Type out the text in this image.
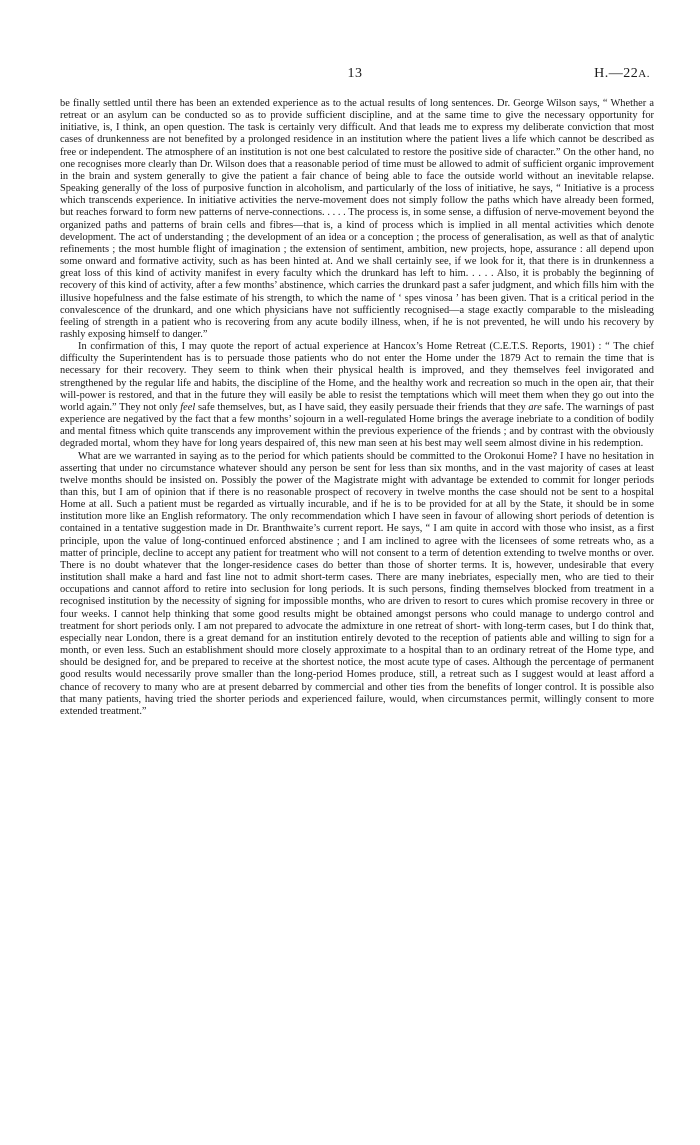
13	H.—22A.

be finally settled until there has been an extended experience as to the actual results of long sentences. Dr. George Wilson says, “ Whether a retreat or an asylum can be conducted so as to provide sufficient discipline, and at the same time to give the necessary opportunity for initiative, is, I think, an open question. The task is certainly very difficult. And that leads me to express my deliberate conviction that most cases of drunkenness are not benefited by a prolonged residence in an institution where the patient lives a life which cannot be described as free or independent. The atmosphere of an institution is not one best calculated to restore the positive side of character.” On the other hand, no one recognises more clearly than Dr. Wilson does that a reasonable period of time must be allowed to admit of sufficient organic improvement in the brain and system generally to give the patient a fair chance of being able to face the outside world without an inevitable relapse. Speaking generally of the loss of purposive function in alcoholism, and particularly of the loss of initiative, he says, “ Initiative is a process which transcends experience. In initiative activities the nerve-movement does not simply follow the paths which have already been formed, but reaches forward to form new patterns of nerve-connections. . . . . The process is, in some sense, a diffusion of nerve-movement beyond the organized paths and patterns of brain cells and fibres—that is, a kind of process which is implied in all mental activities which denote development. The act of understanding ; the development of an idea or a conception ; the process of generalisation, as well as that of analytic refinements ; the most humble flight of imagination ; the extension of sentiment, ambition, new projects, hope, assurance : all depend upon some onward and formative activity, such as has been hinted at. And we shall certainly see, if we look for it, that there is in drunkenness a great loss of this kind of activity manifest in every faculty which the drunkard has left to him. . . . . Also, it is probably the beginning of recovery of this kind of activity, after a few months’ abstinence, which carries the drunkard past a safer judgment, and which fills him with the illusive hopefulness and the false estimate of his strength, to which the name of ‘ spes vinosa ’ has been given. That is a critical period in the convalescence of the drunkard, and one which physicians have not sufficiently recognised—a stage exactly comparable to the misleading feeling of strength in a patient who is recovering from any acute bodily illness, when, if he is not prevented, he will undo his recovery by rashly exposing himself to danger.”

In confirmation of this, I may quote the report of actual experience at Hancox’s Home Retreat (C.E.T.S. Reports, 1901) : “ The chief difficulty the Superintendent has is to persuade those patients who do not enter the Home under the 1879 Act to remain the time that is necessary for their recovery. They seem to think when their physical health is improved, and they themselves feel invigorated and strengthened by the regular life and habits, the discipline of the Home, and the healthy work and recreation so much in the open air, that their will-power is restored, and that in the future they will easily be able to resist the temptations which will meet them when they go out into the world again.” They not only feel safe themselves, but, as I have said, they easily persuade their friends that they are safe. The warnings of past experience are negatived by the fact that a few months’ sojourn in a well-regulated Home brings the average inebriate to a condition of bodily and mental fitness which quite transcends any improvement within the previous experience of the friends ; and by contrast with the obviously degraded mortal, whom they have for long years despaired of, this new man seen at his best may well seem almost divine in his redemption.

What are we warranted in saying as to the period for which patients should be committed to the Orokonui Home? I have no hesitation in asserting that under no circumstance whatever should any person be sent for less than six months, and in the vast majority of cases at least twelve months should be insisted on. Possibly the power of the Magistrate might with advantage be extended to commit for longer periods than this, but I am of opinion that if there is no reasonable prospect of recovery in twelve months the case should not be sent to a hospital Home at all. Such a patient must be regarded as virtually incurable, and if he is to be provided for at all by the State, it should be in some institution more like an English reformatory. The only recommendation which I have seen in favour of allowing short periods of detention is contained in a tentative suggestion made in Dr. Branthwaite’s current report. He says, “ I am quite in accord with those who insist, as a first principle, upon the value of long-continued enforced abstinence ; and I am inclined to agree with the licensees of some retreats who, as a matter of principle, decline to accept any patient for treatment who will not consent to a term of detention extending to twelve months or over. There is no doubt whatever that the longer-residence cases do better than those of shorter terms. It is, however, undesirable that every institution shall make a hard and fast line not to admit short-term cases. There are many inebriates, especially men, who are tied to their occupations and cannot afford to retire into seclusion for long periods. It is such persons, finding themselves blocked from treatment in a recognised institution by the necessity of signing for impossible months, who are driven to resort to cures which promise recovery in three or four weeks. I cannot help thinking that some good results might be obtained amongst persons who could manage to undergo control and treatment for short periods only. I am not prepared to advocate the admixture in one retreat of short- with long-term cases, but I do think that, especially near London, there is a great demand for an institution entirely devoted to the reception of patients able and willing to sign for a month, or even less. Such an establishment should more closely approximate to a hospital than to an ordinary retreat of the Home type, and should be designed for, and be prepared to receive at the shortest notice, the most acute type of cases. Although the percentage of permanent good results would necessarily prove smaller than the long-period Homes produce, still, a retreat such as I suggest would at least afford a chance of recovery to many who are at present debarred by commercial and other ties from the benefits of longer control. It is possible also that many patients, having tried the shorter periods and experienced failure, would, when circumstances permit, willingly consent to more extended treatment.”
